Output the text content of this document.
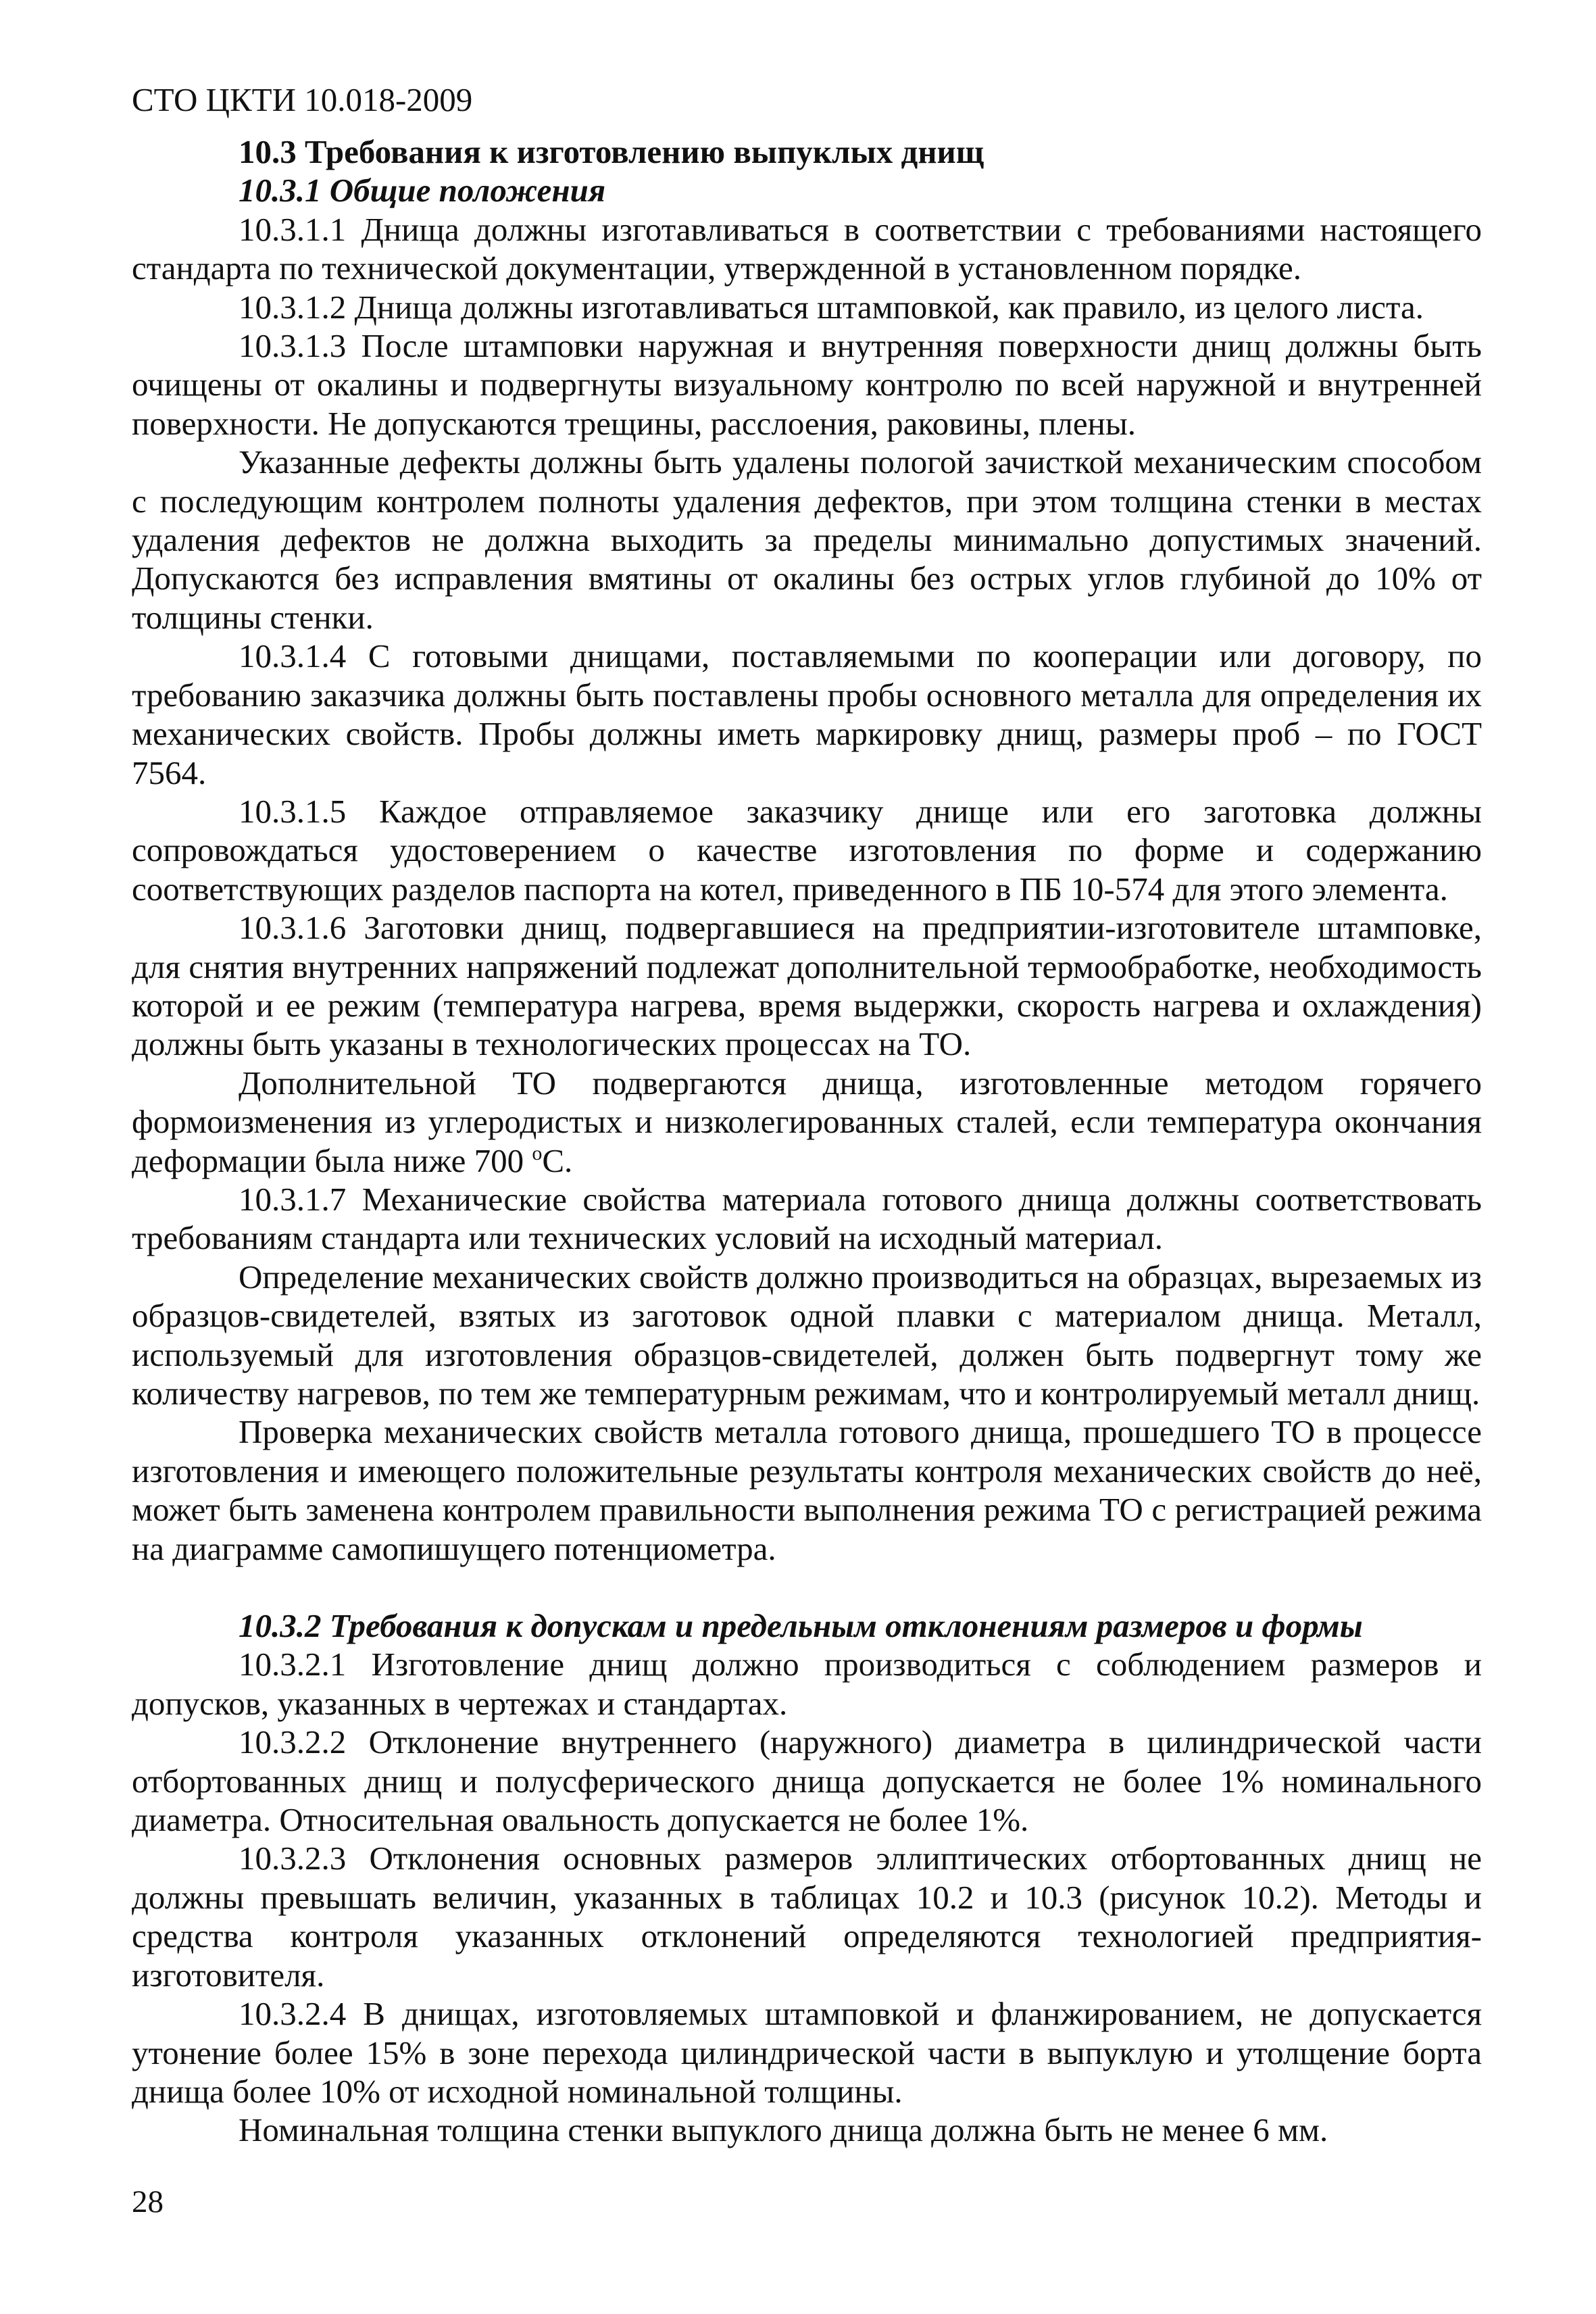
СТО ЦКТИ 10.018-2009

10.3 Требования к изготовлению выпуклых днищ
10.3.1 Общие положения

10.3.1.1 Днища должны изготавливаться в соответствии с требованиями настоящего стандарта по технической документации, утвержденной в установленном порядке.

10.3.1.2 Днища должны изготавливаться штамповкой, как правило, из целого листа.

10.3.1.3 После штамповки наружная и внутренняя поверхности днищ должны быть очищены от окалины и подвергнуты визуальному контролю по всей наружной и внутренней поверхности. Не допускаются трещины, расслоения, раковины, плены.

Указанные дефекты должны быть удалены пологой зачисткой механическим способом с последующим контролем полноты удаления дефектов, при этом толщина стенки в местах удаления дефектов не должна выходить за пределы минимально допустимых значений. Допускаются без исправления вмятины от окалины без острых углов глубиной до 10% от толщины стенки.

10.3.1.4 С готовыми днищами, поставляемыми по кооперации или договору, по требованию заказчика должны быть поставлены пробы основного металла для определения их механических свойств. Пробы должны иметь маркировку днищ, размеры проб – по ГОСТ 7564.

10.3.1.5 Каждое отправляемое заказчику днище или его заготовка должны сопровождаться удостоверением о качестве изготовления по форме и содержанию соответствующих разделов паспорта на котел, приведенного в ПБ 10-574 для этого элемента.

10.3.1.6 Заготовки днищ, подвергавшиеся на предприятии-изготовителе штамповке, для снятия внутренних напряжений подлежат дополнительной термообработке, необходимость которой и ее режим (температура нагрева, время выдержки, скорость нагрева и охлаждения) должны быть указаны в технологических процессах на ТО.

Дополнительной ТО подвергаются днища, изготовленные методом горячего формоизменения из углеродистых и низколегированных сталей, если температура окончания деформации была ниже 700 $^o$С.

10.3.1.7 Механические свойства материала готового днища должны соответствовать требованиям стандарта или технических условий на исходный материал.

Определение механических свойств должно производиться на образцах, вырезаемых из образцов-свидетелей, взятых из заготовок одной плавки с материалом днища. Металл, используемый для изготовления образцов-свидетелей, должен быть подвергнут тому же количеству нагревов, по тем же температурным режимам, что и контролируемый металл днищ.

Проверка механических свойств металла готового днища, прошедшего ТО в процессе изготовления и имеющего положительные результаты контроля механических свойств до неё, может быть заменена контролем правильности выполнения режима ТО с регистрацией режима на диаграмме самопишущего потенциометра.

10.3.2 Требования к допускам и предельным отклонениям размеров и формы

10.3.2.1 Изготовление днищ должно производиться с соблюдением размеров и допусков, указанных в чертежах и стандартах.

10.3.2.2 Отклонение внутреннего (наружного) диаметра в цилиндрической части отбортованных днищ и полусферического днища допускается не более 1% номинального диаметра. Относительная овальность допускается не более 1%.

10.3.2.3 Отклонения основных размеров эллиптических отбортованных днищ не должны превышать величин, указанных в таблицах 10.2 и 10.3 (рисунок 10.2). Методы и средства контроля указанных отклонений определяются технологией предприятия-изготовителя.

10.3.2.4 В днищах, изготовляемых штамповкой и фланжированием, не допускается утонение более 15% в зоне перехода цилиндрической части в выпуклую и утолщение борта днища более 10% от исходной номинальной толщины.

Номинальная толщина стенки выпуклого днища должна быть не менее 6 мм.

28
